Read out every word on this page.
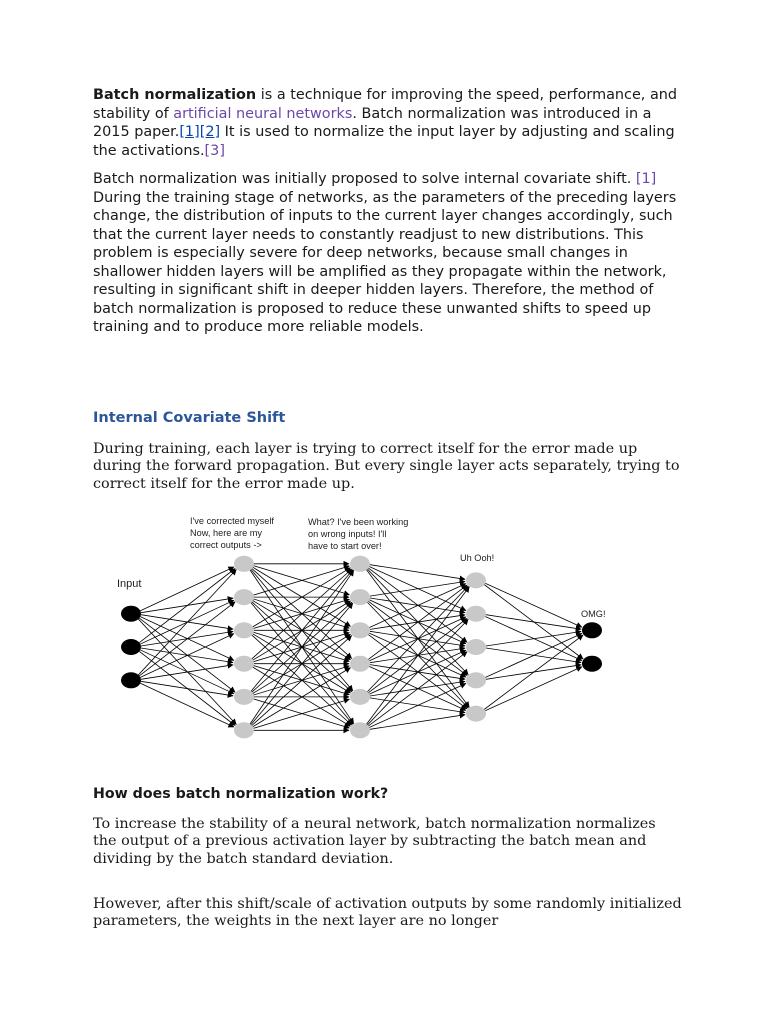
Batch normalization is a technique for improving the speed, performance, and stability of artificial neural networks. Batch normalization was introduced in a 2015 paper.[1][2] It is used to normalize the input layer by adjusting and scaling the activations.[3]

Batch normalization was initially proposed to solve internal covariate shift. [1] During the training stage of networks, as the parameters of the preceding layers change, the distribution of inputs to the current layer changes accordingly, such that the current layer needs to constantly readjust to new distributions. This problem is especially severe for deep networks, because small changes in shallower hidden layers will be amplified as they propagate within the network, resulting in significant shift in deeper hidden layers. Therefore, the method of batch normalization is proposed to reduce these unwanted shifts to speed up training and to produce more reliable models.

Internal Covariate Shift

During training, each layer is trying to correct itself for the error made up during the forward propagation. But every single layer acts separately, trying to correct itself for the error made up.

How does batch normalization work?

To increase the stability of a neural network, batch normalization normalizes the output of a previous activation layer by subtracting the batch mean and dividing by the batch standard deviation.

However, after this shift/scale of activation outputs by some randomly initialized parameters, the weights in the next layer are no longer

Input
I've corrected myself
Now, here are my
correct outputs ->
What? I've been working
on wrong inputs! I'll
have to start over!
Uh Ooh!
OMG!
